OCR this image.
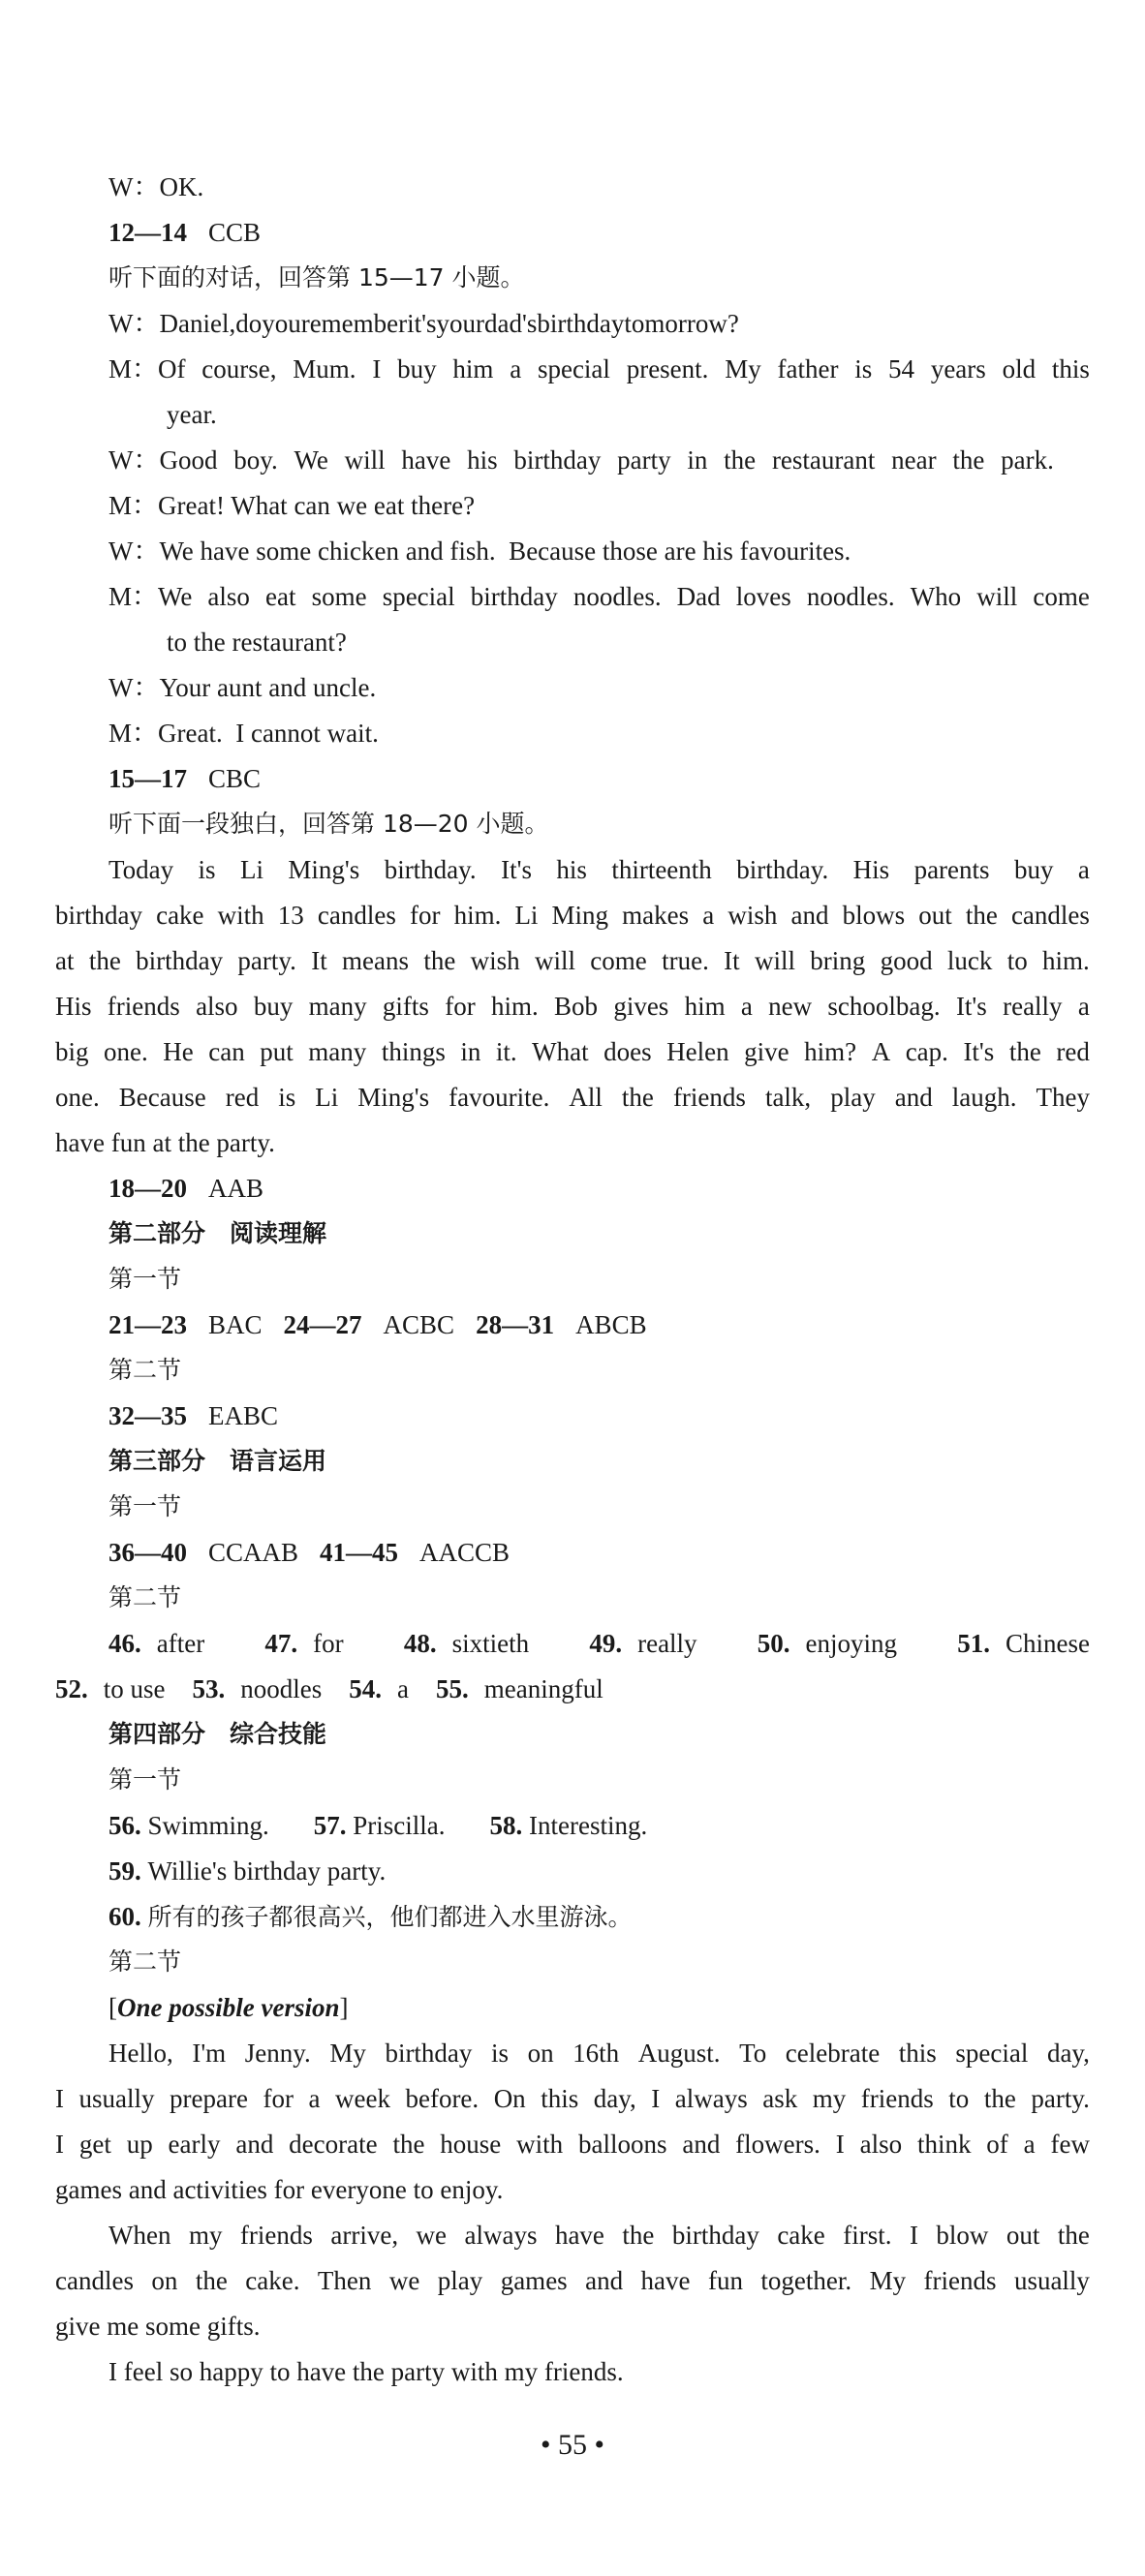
W：OK.
12—14 CCB
听下面的对话，回答第 15—17 小题。
W：Daniel,doyourememberit'syourdad'sbirthdaytomorrow?
M：Of course, Mum. I buy him a special present. My father is 54 years old this
year.
W：Good boy. We will have his birthday party in the restaurant near the park.
M：Great! What can we eat there?
W：We have some chicken and fish.  Because those are his favourites.
M：We also eat some special birthday noodles. Dad loves noodles. Who will come
to the restaurant?
W：Your aunt and uncle.
M：Great.  I cannot wait.
15—17 CBC
听下面一段独白，回答第 18—20 小题。
Today is Li Ming's birthday. It's his thirteenth birthday. His parents buy a
birthday cake with 13 candles for him. Li Ming makes a wish and blows out the candles
at the birthday party. It means the wish will come true. It will bring good luck to him.
His friends also buy many gifts for him. Bob gives him a new schoolbag. It's really a
big one. He can put many things in it. What does Helen give him? A cap. It's the red
one. Because red is Li Ming's favourite. All the friends talk, play and laugh. They
have fun at the party.
18—20 AAB
第二部分　阅读理解
第一节
21—23 BAC 24—27 ACBC 28—31 ABCB
第二节
32—35 EABC
第三部分　语言运用
第一节
36—40 CCAAB 41—45 AACCB
第二节
46. after 47. for 48. sixtieth 49. really 50. enjoying 51. Chinese
52. to use 53. noodles 54. a 55. meaningful
第四部分　综合技能
第一节
56. Swimming. 57. Priscilla. 58. Interesting.
59. Willie's birthday party.
60. 所有的孩子都很高兴，他们都进入水里游泳。
第二节
[One possible version]
Hello, I'm Jenny. My birthday is on 16th August. To celebrate this special day,
I usually prepare for a week before. On this day, I always ask my friends to the party.
I get up early and decorate the house with balloons and flowers. I also think of a few
games and activities for everyone to enjoy.
When my friends arrive, we always have the birthday cake first. I blow out the
candles on the cake. Then we play games and have fun together. My friends usually
give me some gifts.
I feel so happy to have the party with my friends.
• 55 •
